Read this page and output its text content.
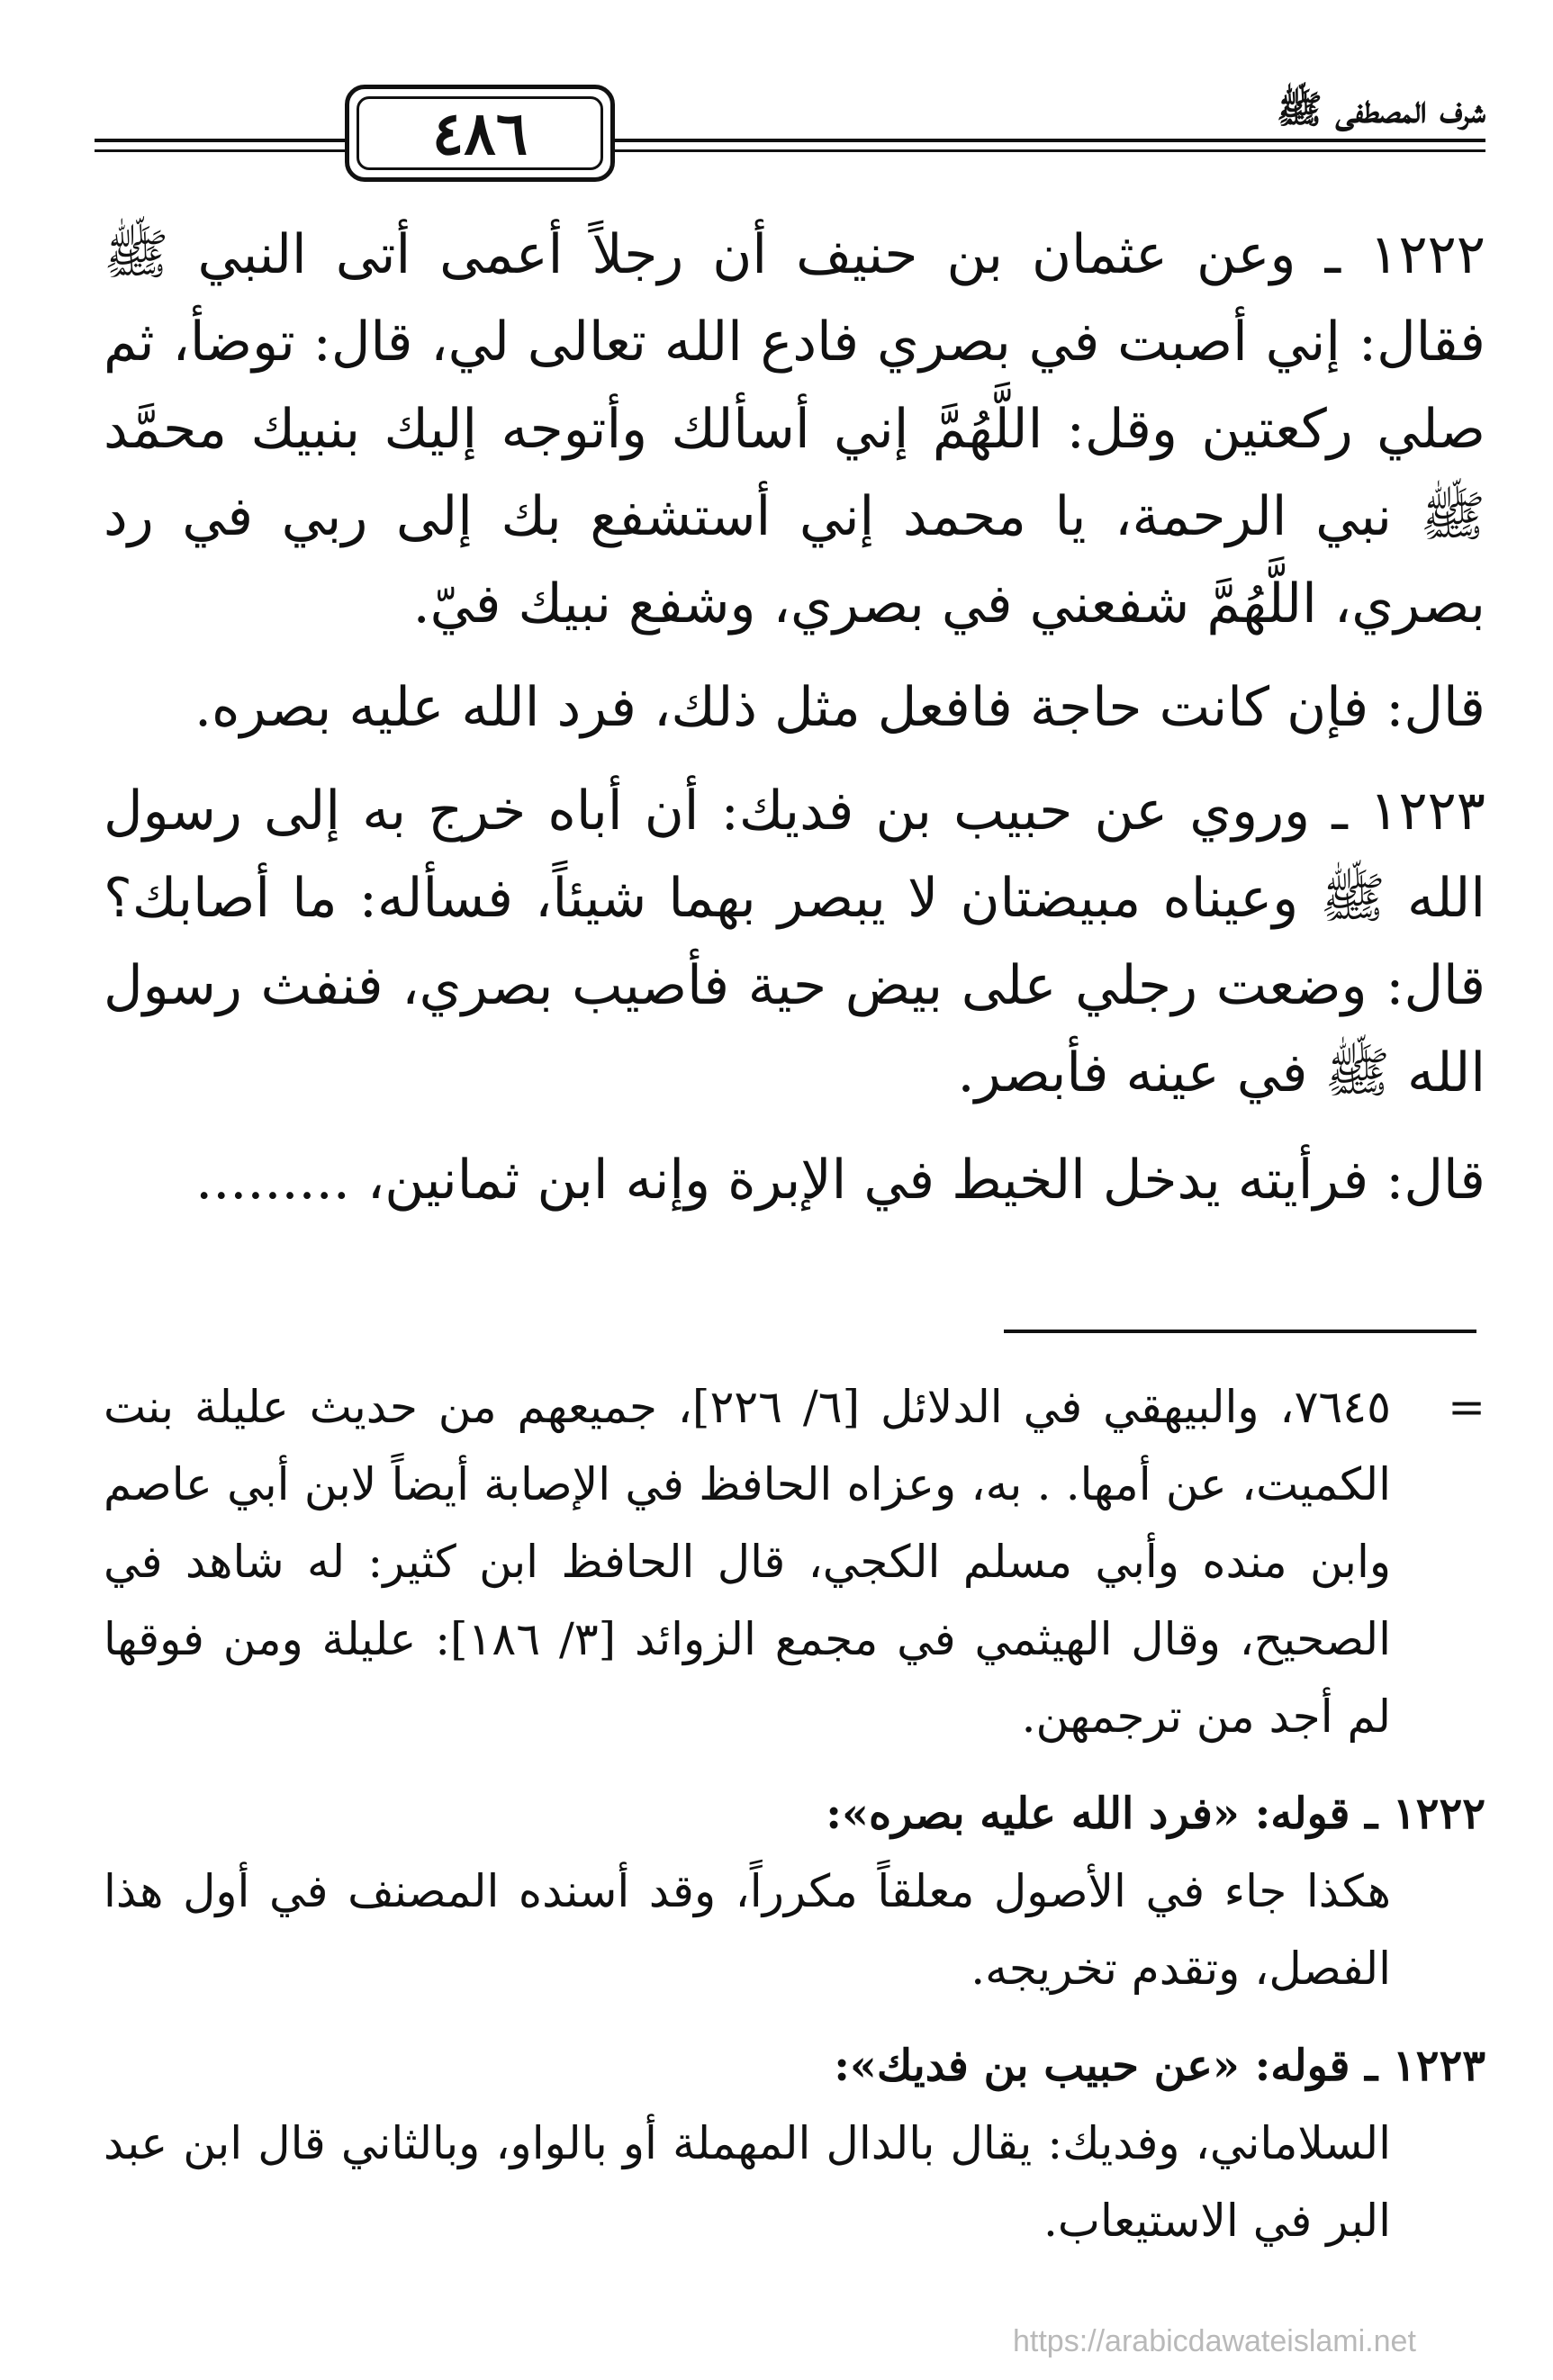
٤٨٦	شرف المصطفى ﷺ

١٢٢٢ ـ وعن عثمان بن حنيف أن رجلاً أعمى أتى النبي ﷺ فقال: إني أصبت في بصري فادع الله تعالى لي، قال: توضأ، ثم صلي ركعتين وقل: اللَّهُمَّ إني أسألك وأتوجه إليك بنبيك محمَّد ﷺ نبي الرحمة، يا محمد إني أستشفع بك إلى ربي في رد بصري، اللَّهُمَّ شفعني في بصري، وشفع نبيك فيّ.

قال: فإن كانت حاجة فافعل مثل ذلك، فرد الله عليه بصره.

١٢٢٣ ـ وروي عن حبيب بن فديك: أن أباه خرج به إلى رسول الله ﷺ وعيناه مبيضتان لا يبصر بهما شيئاً، فسأله: ما أصابك؟ قال: وضعت رجلي على بيض حية فأصيب بصري، فنفث رسول الله ﷺ في عينه فأبصر.

قال: فرأيته يدخل الخيط في الإبرة وإنه ابن ثمانين، .........

=

٧٦٤٥، والبيهقي في الدلائل [٦/ ٢٢٦]، جميعهم من حديث عليلة بنت الكميت، عن أمها. . به، وعزاه الحافظ في الإصابة أيضاً لابن أبي عاصم وابن منده وأبي مسلم الكجي، قال الحافظ ابن كثير: له شاهد في الصحيح، وقال الهيثمي في مجمع الزوائد [٣/ ١٨٦]: عليلة ومن فوقها لم أجد من ترجمهن.

١٢٢٢ ـ قوله: «فرد الله عليه بصره»:

هكذا جاء في الأصول معلقاً مكرراً، وقد أسنده المصنف في أول هذا الفصل، وتقدم تخريجه.

١٢٢٣ ـ قوله: «عن حبيب بن فديك»:

السلاماني، وفديك: يقال بالدال المهملة أو بالواو، وبالثاني قال ابن عبد البر في الاستيعاب.

https://arabicdawateislami.net
